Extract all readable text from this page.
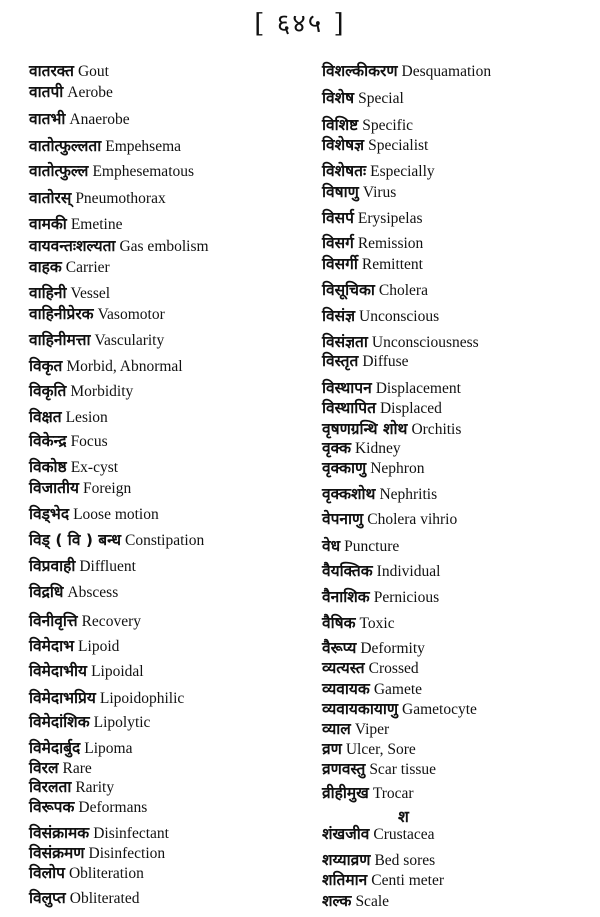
[ ६४५ ]
वातरक्त Gout
वातपी Aerobe
वातभी Anaerobe
वातोत्फुल्लता Empehsema
वातोत्फुल्ल Emphesematous
वातोरस् Pneumothorax
वामकी Emetine
वायवन्तःशल्यता Gas embolism
वाहक Carrier
वाहिनी Vessel
वाहिनीप्रेरक Vasomotor
वाहिनीमत्ता Vascularity
विकृत Morbid, Abnormal
विकृति Morbidity
विक्षत Lesion
विकेन्द्र Focus
विकोष्ठ Ex-cyst
विजातीय Foreign
विड्भेद Loose motion
विड् ( वि ) बन्ध Constipation
विप्रवाही Diffluent
विद्रधि Abscess
विनीवृत्ति Recovery
विमेदाभ Lipoid
विमेदाभीय Lipoidal
विमेदाभप्रिय Lipoidophilic
विमेदांशिक Lipolytic
विमेदार्बुद Lipoma
विरल Rare
विरलता Rarity
विरूपक Deformans
विसंक्रामक Disinfectant
विसंक्रमण Disinfection
विलोप Obliteration
विलुप्त Obliterated
विशल्कीकरण Desquamation
विशेष Special
विशिष्ट Specific
विशेषज्ञ Specialist
विशेषतः Especially
विषाणु Virus
विसर्प Erysipelas
विसर्ग Remission
विसर्गी Remittent
विसूचिका Cholera
विसंज्ञ Unconscious
विसंज्ञता Unconsciousness
विस्तृत Diffuse
विस्थापन Displacement
विस्थापित Displaced
वृषणग्रन्थि शोथ Orchitis
वृक्क Kidney
वृक्काणु Nephron
वृक्कशोथ Nephritis
वेपनाणु Cholera vihrio
वेध Puncture
वैयक्तिक Individual
वैनाशिक Pernicious
वैषिक Toxic
वैरूप्य Deformity
व्यत्यस्त Crossed
व्यवायक Gamete
व्यवायकायाणु Gametocyte
व्याल Viper
व्रण Ulcer, Sore
व्रणवस्तु Scar tissue
व्रीहीमुख Trocar
शंखजीव Crustacea
शय्याव्रण Bed sores
शतिमान Centi meter
शल्क Scale
श
